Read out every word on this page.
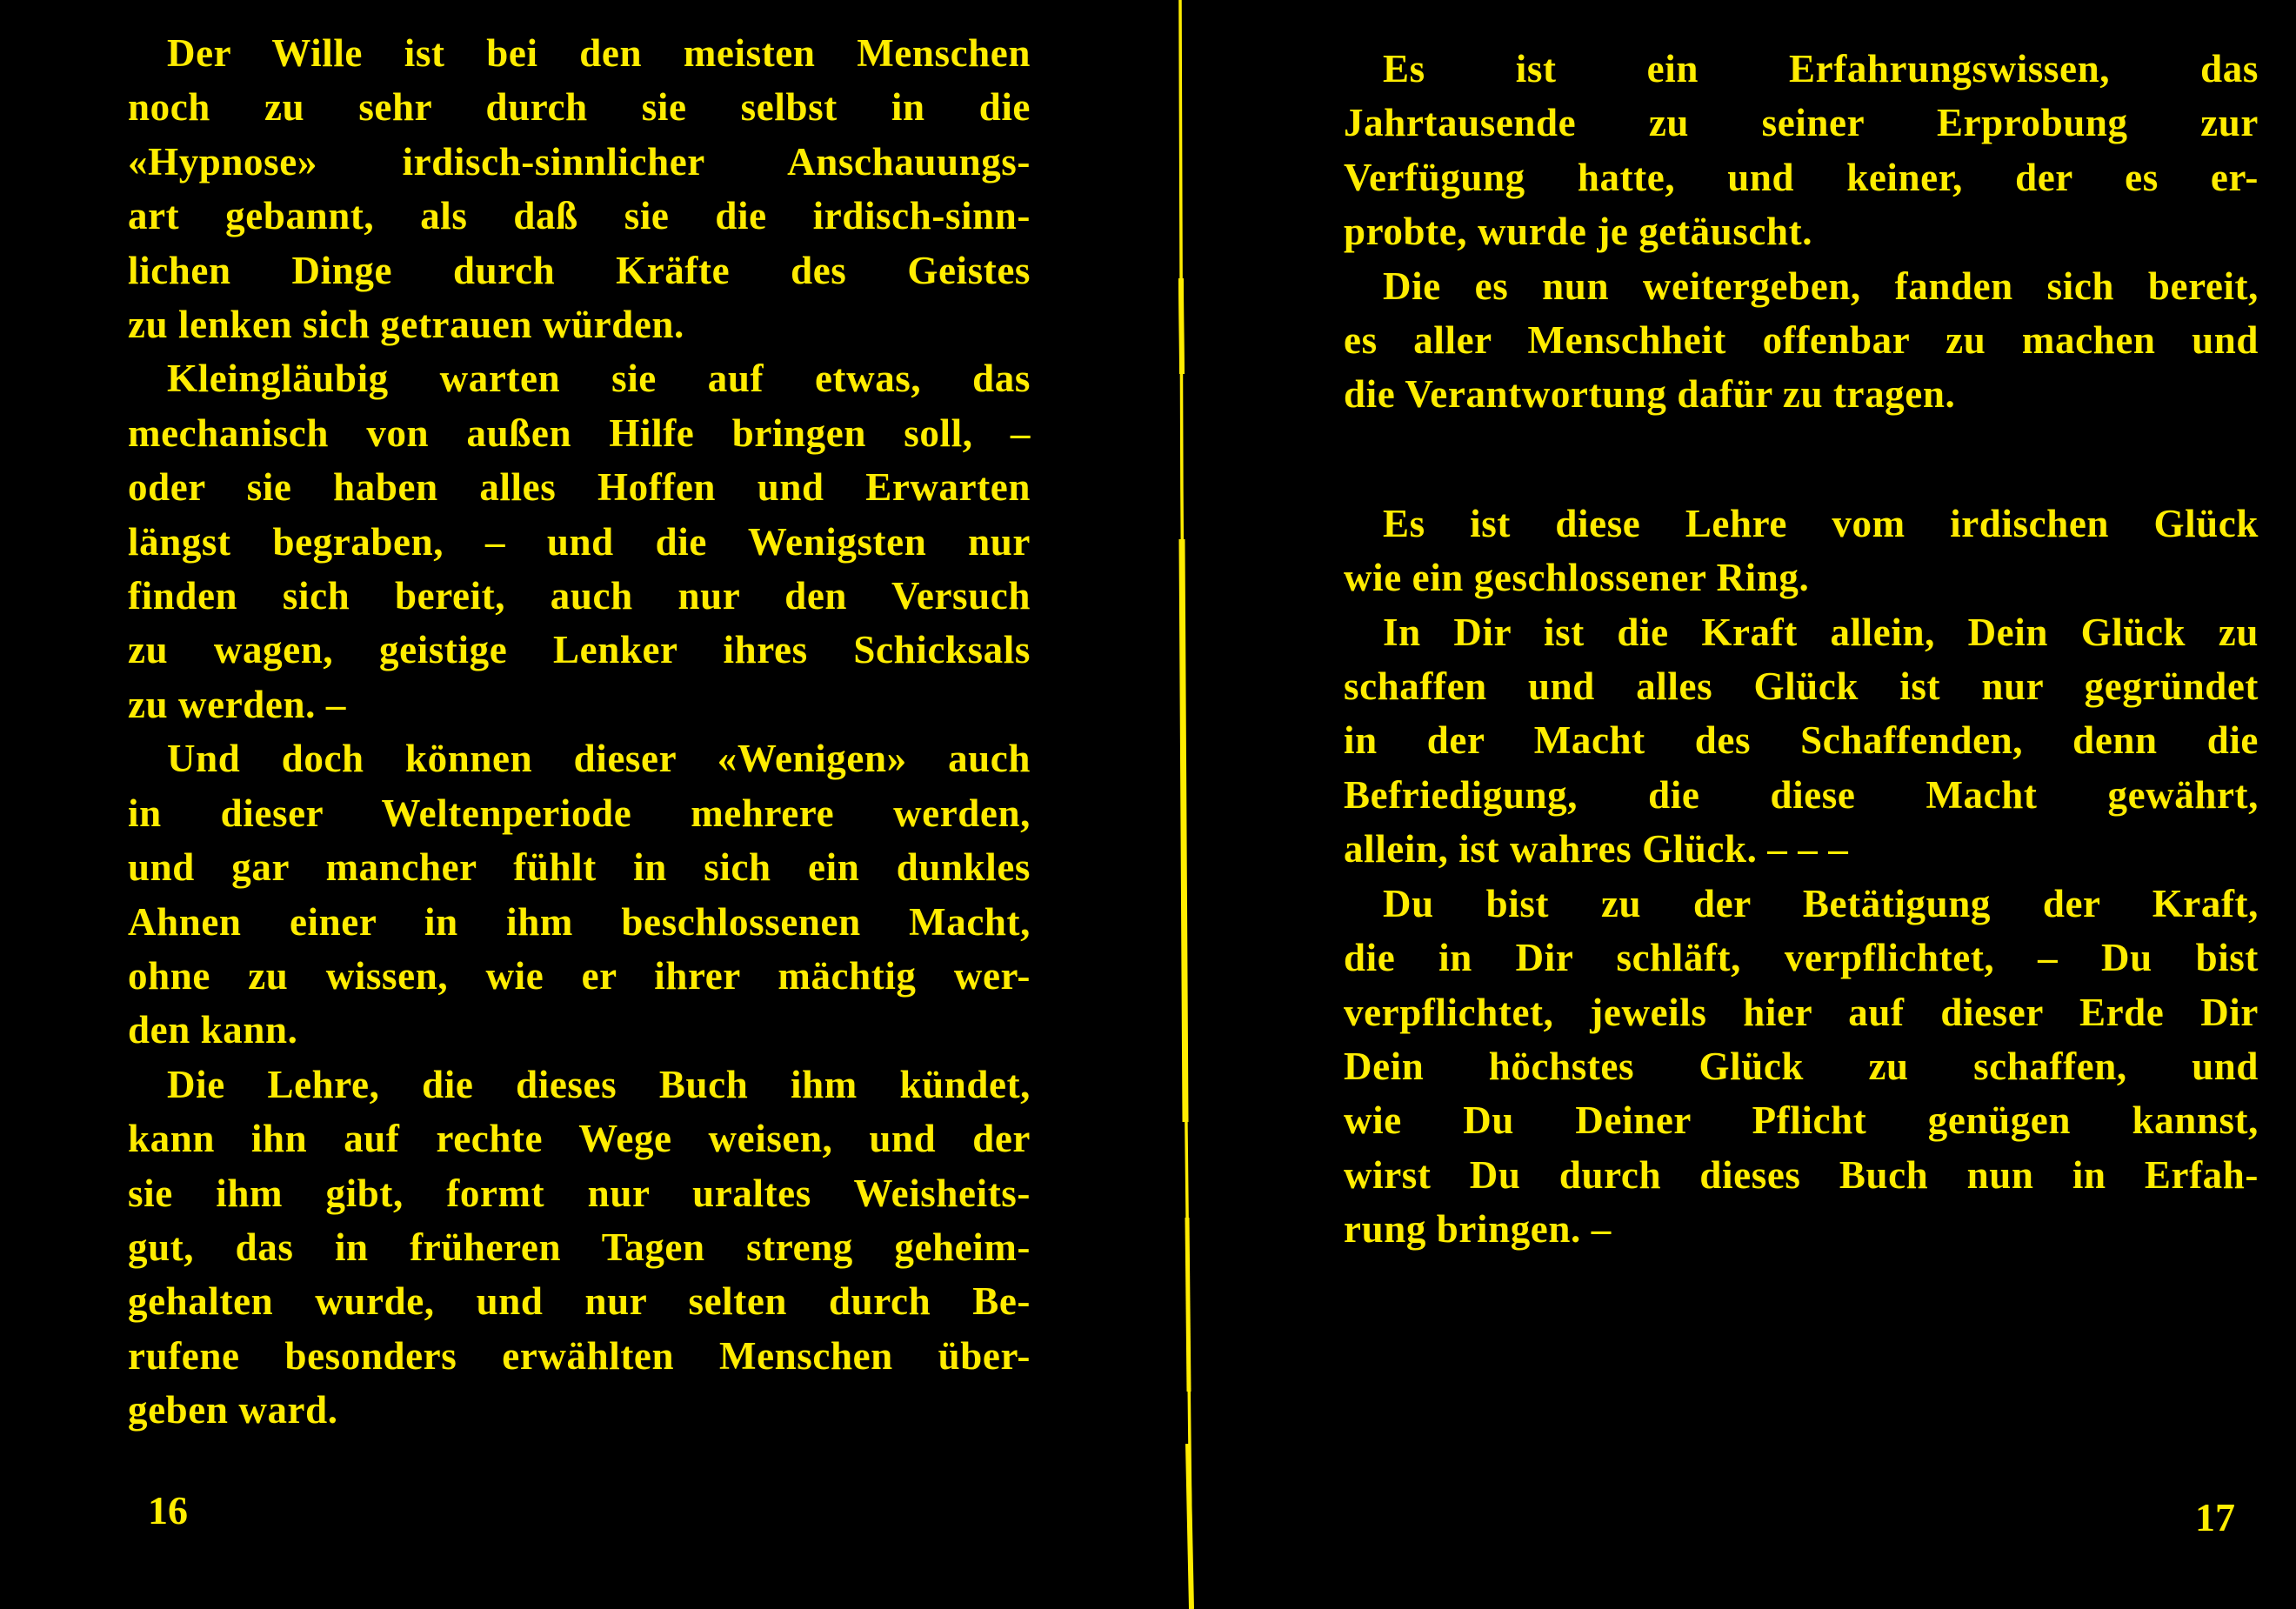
Der Wille ist bei den meisten Menschen
noch zu sehr durch sie selbst in die
«Hypnose» irdisch-sinnlicher Anschauungs-
art gebannt, als daß sie die irdisch-sinn-
lichen Dinge durch Kräfte des Geistes
zu lenken sich getrauen würden.
Kleingläubig warten sie auf etwas, das
mechanisch von außen Hilfe bringen soll, –
oder sie haben alles Hoffen und Erwarten
längst begraben, – und die Wenigsten nur
finden sich bereit, auch nur den Versuch
zu wagen, geistige Lenker ihres Schicksals
zu werden. –
Und doch können dieser «Wenigen» auch
in dieser Weltenperiode mehrere werden,
und gar mancher fühlt in sich ein dunkles
Ahnen einer in ihm beschlossenen Macht,
ohne zu wissen, wie er ihrer mächtig wer-
den kann.
Die Lehre, die dieses Buch ihm kündet,
kann ihn auf rechte Wege weisen, und der
sie ihm gibt, formt nur uraltes Weisheits-
gut, das in früheren Tagen streng geheim-
gehalten wurde, und nur selten durch Be-
rufene besonders erwählten Menschen über-
geben ward.
16
Es ist ein Erfahrungswissen, das
Jahrtausende zu seiner Erprobung zur
Verfügung hatte, und keiner, der es er-
probte, wurde je getäuscht.
Die es nun weitergeben, fanden sich bereit,
es aller Menschheit offenbar zu machen und
die Verantwortung dafür zu tragen.
Es ist diese Lehre vom irdischen Glück
wie ein geschlossener Ring.
In Dir ist die Kraft allein, Dein Glück zu
schaffen und alles Glück ist nur gegründet
in der Macht des Schaffenden, denn die
Befriedigung, die diese Macht gewährt,
allein, ist wahres Glück. – – –
Du bist zu der Betätigung der Kraft,
die in Dir schläft, verpflichtet, – Du bist
verpflichtet, jeweils hier auf dieser Erde Dir
Dein höchstes Glück zu schaffen, und
wie Du Deiner Pflicht genügen kannst,
wirst Du durch dieses Buch nun in Erfah-
rung bringen. –
17
